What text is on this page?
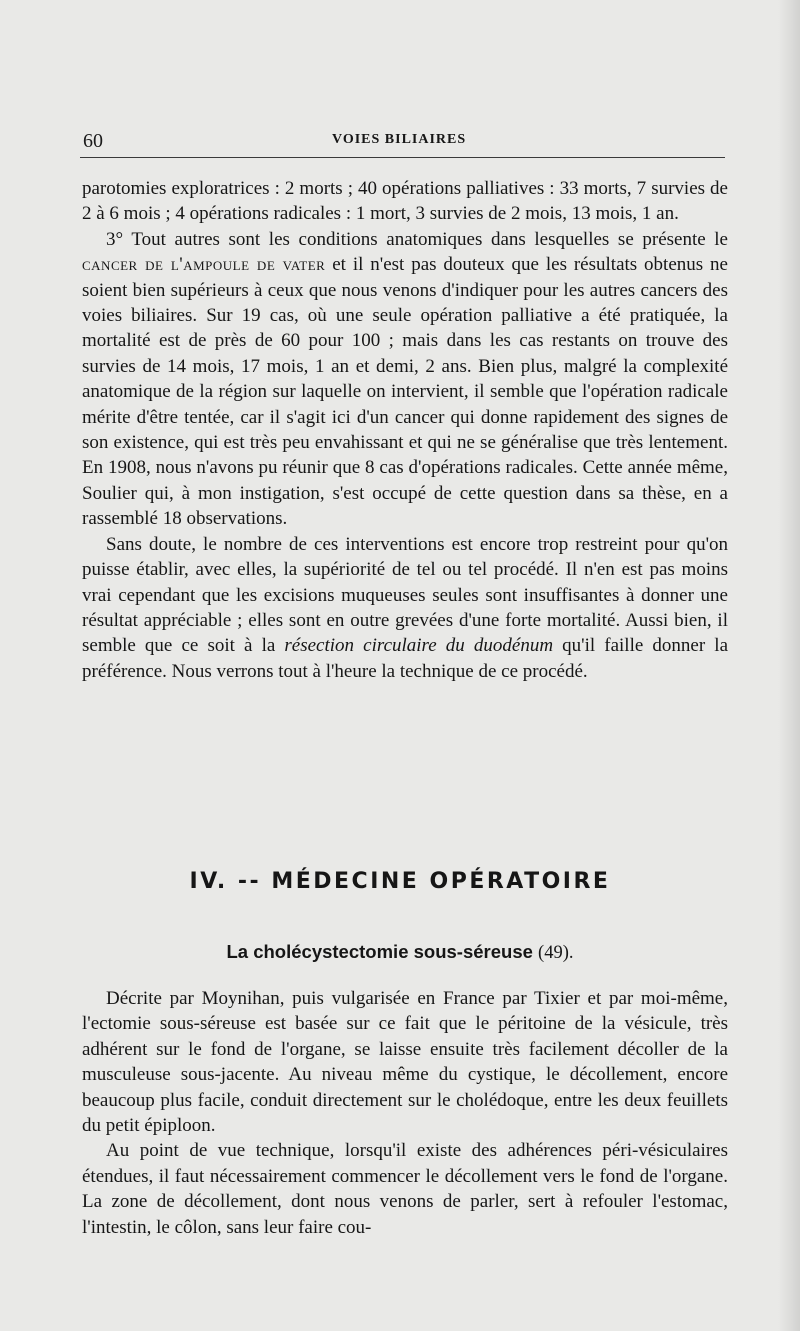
60	VOIES BILIAIRES

parotomies exploratrices : 2 morts ; 40 opérations palliatives : 33 morts, 7 survies de 2 à 6 mois ; 4 opérations radicales : 1 mort, 3 survies de 2 mois, 13 mois, 1 an.

3° Tout autres sont les conditions anatomiques dans lesquelles se présente le cancer de l'ampoule de vater et il n'est pas douteux que les résultats obtenus ne soient bien supérieurs à ceux que nous venons d'indiquer pour les autres cancers des voies biliaires. Sur 19 cas, où une seule opération palliative a été pratiquée, la mortalité est de près de 60 pour 100 ; mais dans les cas restants on trouve des survies de 14 mois, 17 mois, 1 an et demi, 2 ans. Bien plus, malgré la complexité anatomique de la région sur laquelle on intervient, il semble que l'opération radicale mérite d'être tentée, car il s'agit ici d'un cancer qui donne rapidement des signes de son existence, qui est très peu envahissant et qui ne se généralise que très lentement. En 1908, nous n'avons pu réunir que 8 cas d'opérations radicales. Cette année même, Soulier qui, à mon instigation, s'est occupé de cette question dans sa thèse, en a rassemblé 18 observations.

Sans doute, le nombre de ces interventions est encore trop restreint pour qu'on puisse établir, avec elles, la supériorité de tel ou tel procédé. Il n'en est pas moins vrai cependant que les excisions muqueuses seules sont insuffisantes à donner une résultat appréciable ; elles sont en outre grevées d'une forte mortalité. Aussi bien, il semble que ce soit à la résection circulaire du duodénum qu'il faille donner la préférence. Nous verrons tout à l'heure la technique de ce procédé.

IV. -- MÉDECINE OPÉRATOIRE
La cholécystectomie sous-séreuse (49).

Décrite par Moynihan, puis vulgarisée en France par Tixier et par moi-même, l'ectomie sous-séreuse est basée sur ce fait que le péritoine de la vésicule, très adhérent sur le fond de l'organe, se laisse ensuite très facilement décoller de la musculeuse sous-jacente. Au niveau même du cystique, le décollement, encore beaucoup plus facile, conduit directement sur le cholédoque, entre les deux feuillets du petit épiploon.

Au point de vue technique, lorsqu'il existe des adhérences péri-vésiculaires étendues, il faut nécessairement commencer le décollement vers le fond de l'organe. La zone de décollement, dont nous venons de parler, sert à refouler l'estomac, l'intestin, le côlon, sans leur faire cou-
